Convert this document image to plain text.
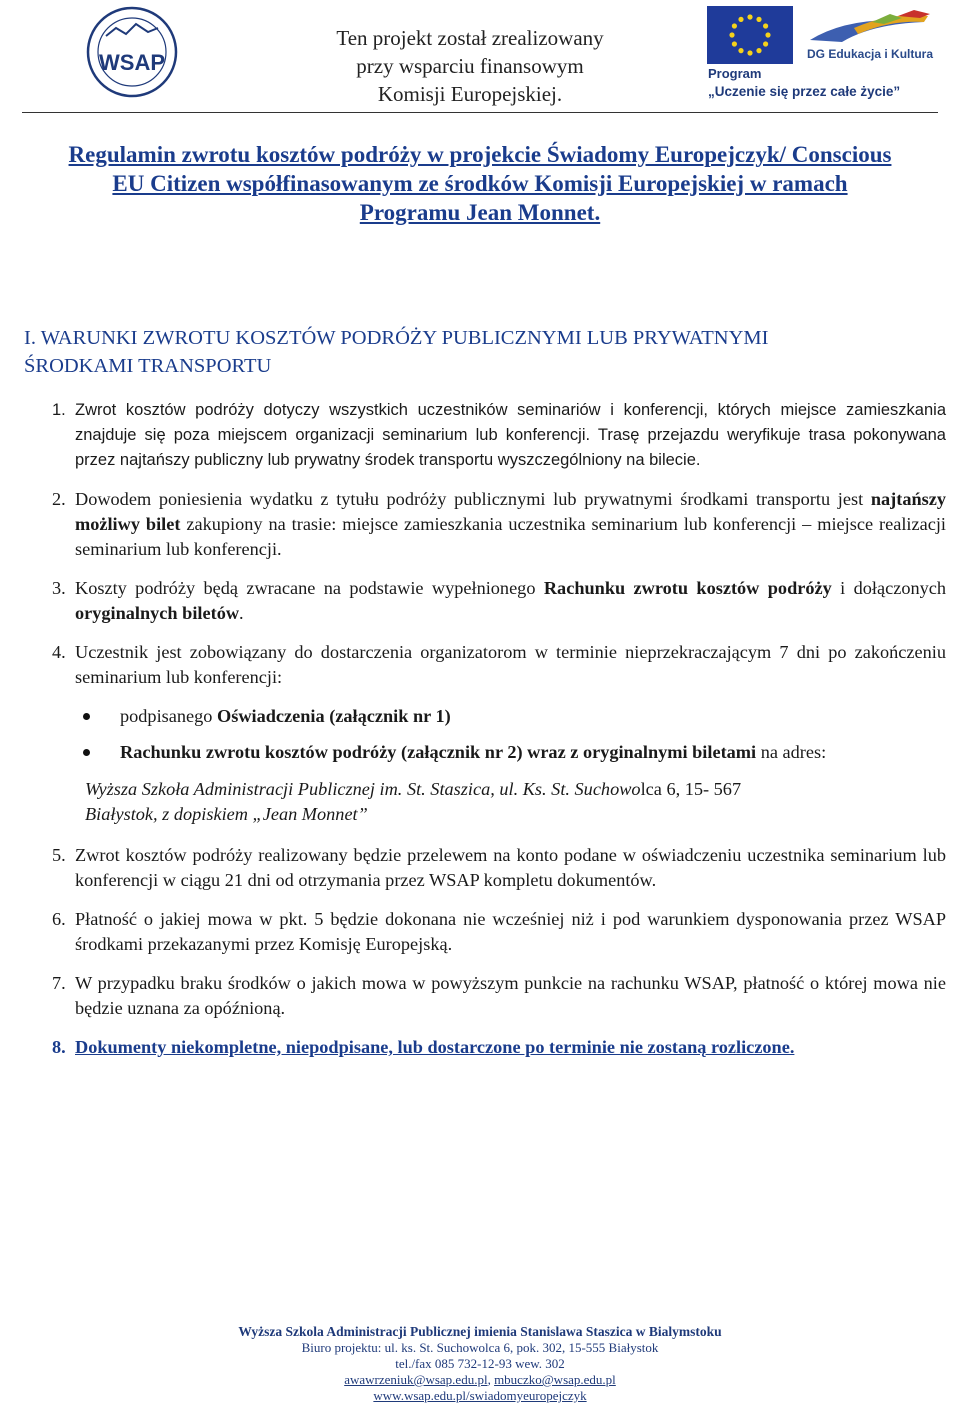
WSAP
Ten projekt został zrealizowany
przy wsparciu finansowym
Komisji Europejskiej.
DG Edukacja i Kultura
Program
„Uczenie się przez całe życie”
Regulamin zwrotu kosztów podróży w projekcie Świadomy Europejczyk/ Conscious
EU Citizen współfinasowanym ze środków Komisji Europejskiej w ramach
Programu Jean Monnet.
I. WARUNKI ZWROTU KOSZTÓW PODRÓŻY PUBLICZNYMI LUB PRYWATNYMI
ŚRODKAMI TRANSPORTU
1. Zwrot kosztów podróży dotyczy wszystkich uczestników seminariów i konferencji, których miejsce zamieszkania znajduje się poza miejscem organizacji seminarium lub konferencji. Trasę przejazdu weryfikuje trasa pokonywana przez najtańszy publiczny lub prywatny środek transportu wyszczególniony na bilecie.
2. Dowodem poniesienia wydatku z tytułu podróży publicznymi lub prywatnymi środkami transportu jest najtańszy możliwy bilet zakupiony na trasie: miejsce zamieszkania uczestnika seminarium lub konferencji – miejsce realizacji seminarium lub konferencji.
3. Koszty podróży będą zwracane na podstawie wypełnionego Rachunku zwrotu kosztów podróży i dołączonych oryginalnych biletów.
4. Uczestnik jest zobowiązany do dostarczenia organizatorom w terminie nieprzekraczającym 7 dni po zakończeniu seminarium lub konferencji:
podpisanego Oświadczenia (załącznik nr 1)
Rachunku zwrotu kosztów podróży (załącznik nr 2) wraz z oryginalnymi biletami na adres:
Wyższa Szkoła Administracji Publicznej im. St. Staszica, ul. Ks. St. Suchowolca 6, 15- 567
Białystok, z dopiskiem „Jean Monnet”
5. Zwrot kosztów podróży realizowany będzie przelewem na konto podane w oświadczeniu uczestnika seminarium lub konferencji w ciągu 21 dni od otrzymania przez WSAP kompletu dokumentów.
6. Płatność o jakiej mowa w pkt. 5 będzie dokonana nie wcześniej niż i pod warunkiem dysponowania przez WSAP środkami przekazanymi przez Komisję Europejską.
7. W przypadku braku środków o jakich mowa w powyższym punkcie na rachunku WSAP, płatność o której mowa nie będzie uznana za opóźnioną.
8. Dokumenty niekompletne, niepodpisane, lub dostarczone po terminie nie zostaną rozliczone.
Wyższa Szkola Administracji Publicznej imienia Stanislawa Staszica w Bialymstoku
Biuro projektu: ul. ks. St. Suchowolca 6, pok. 302, 15-555 Białystok
tel./fax 085 732-12-93 wew. 302
awawrzeniuk@wsap.edu.pl, mbuczko@wsap.edu.pl
www.wsap.edu.pl/swiadomyeuropejczyk
